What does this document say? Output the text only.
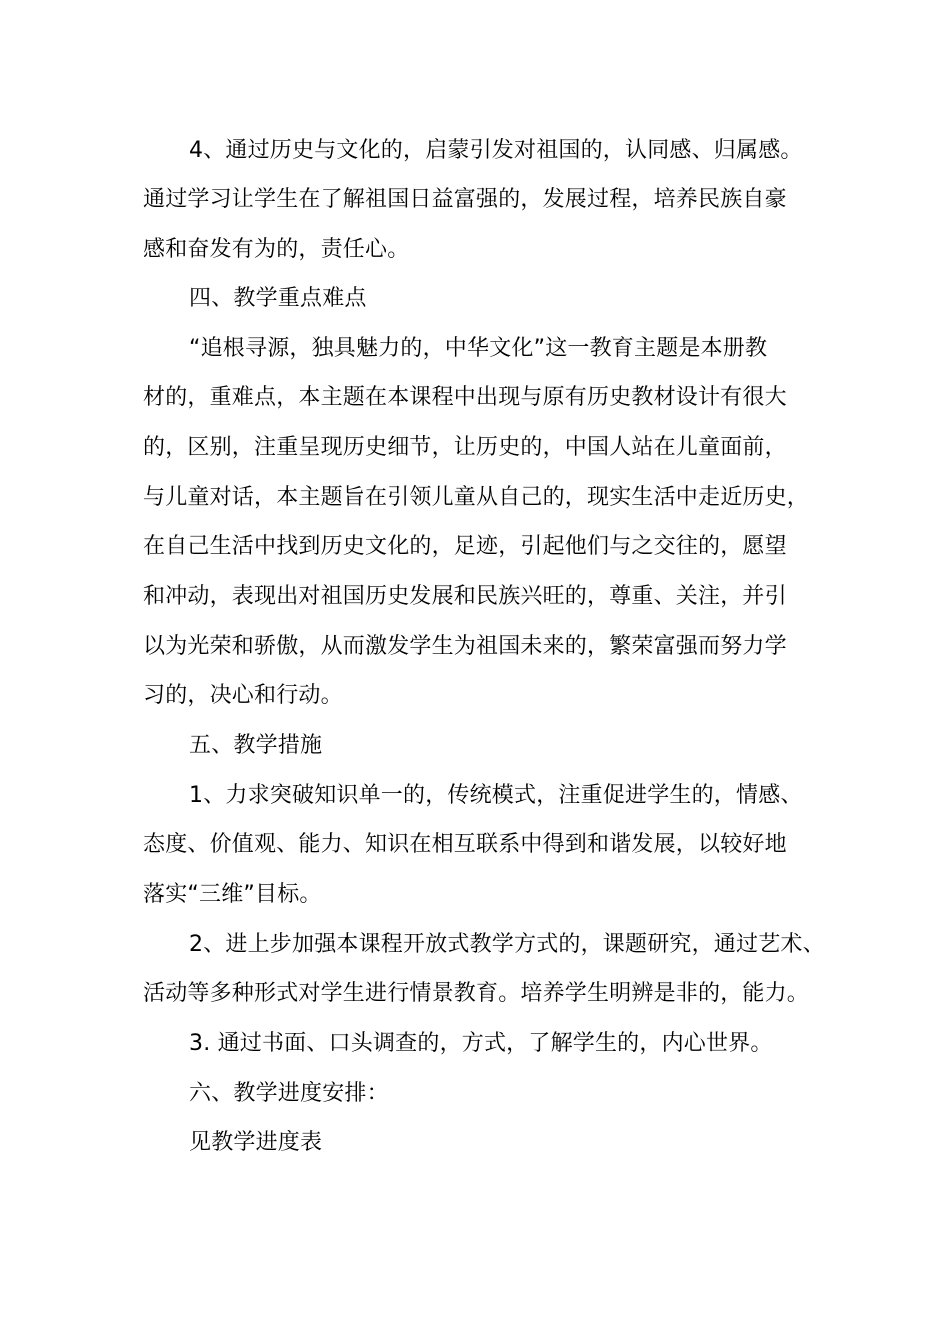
4、通过历史与文化的，启蒙引发对祖国的，认同感、归属感。
通过学习让学生在了解祖国日益富强的，发展过程，培养民族自豪
感和奋发有为的，责任心。
四、教学重点难点
“追根寻源，独具魅力的，中华文化”这一教育主题是本册教
材的，重难点，本主题在本课程中出现与原有历史教材设计有很大
的，区别，注重呈现历史细节，让历史的，中国人站在儿童面前，
与儿童对话，本主题旨在引领儿童从自己的，现实生活中走近历史，
在自己生活中找到历史文化的，足迹，引起他们与之交往的，愿望
和冲动，表现出对祖国历史发展和民族兴旺的，尊重、关注，并引
以为光荣和骄傲，从而激发学生为祖国未来的，繁荣富强而努力学
习的，决心和行动。
五、教学措施
1、力求突破知识单一的，传统模式，注重促进学生的，情感、
态度、价值观、能力、知识在相互联系中得到和谐发展，以较好地
落实“三维”目标。
2、进上步加强本课程开放式教学方式的，课题研究，通过艺术、
活动等多种形式对学生进行情景教育。培养学生明辨是非的，能力。
3. 通过书面、口头调查的，方式，了解学生的，内心世界。
六、教学进度安排：
见教学进度表
